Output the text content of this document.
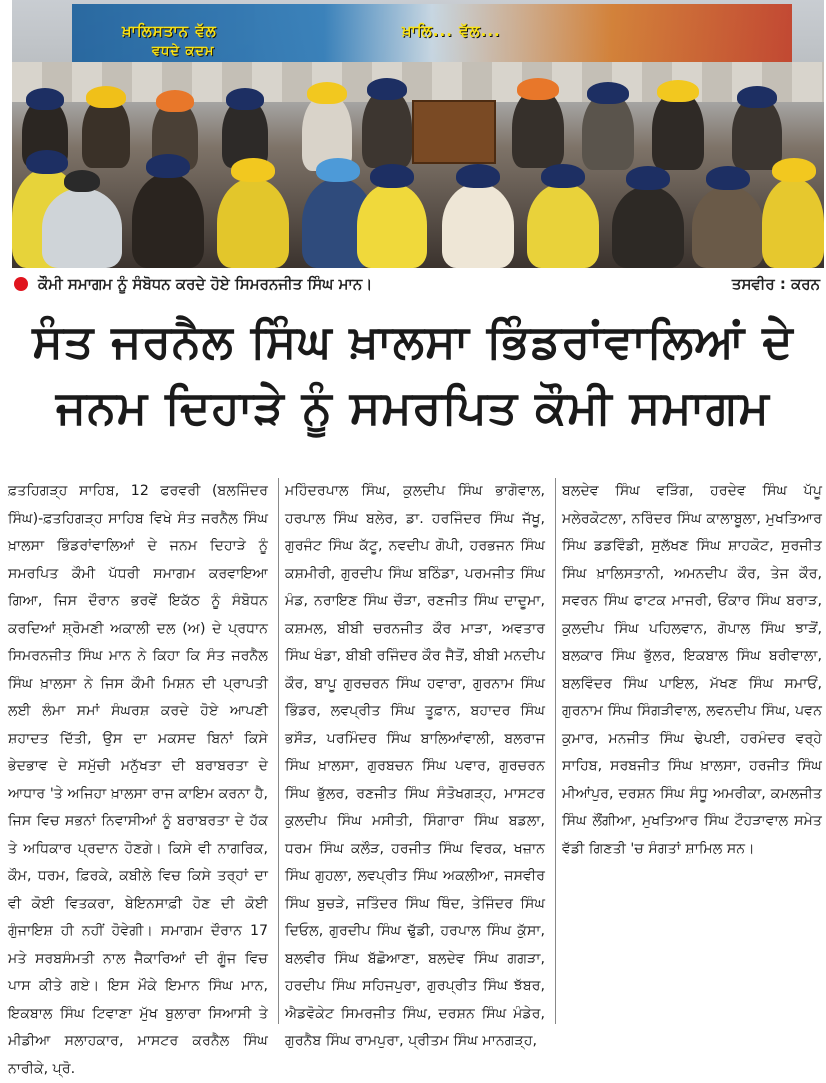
ਖ਼ਾਲਿਸਤਾਨ ਵੱਲ
ਵਧਦੇ ਕਦਮ
ਖ਼ਾਲਿ... ਵੱਲ...
ਕੌਮੀ ਸਮਾਗਮ ਨੂੰ ਸੰਬੋਧਨ ਕਰਦੇ ਹੋਏ ਸਿਮਰਨਜੀਤ ਸਿੰਘ ਮਾਨ।	ਤਸਵੀਰ : ਕਰਨ
ਸੰਤ ਜਰਨੈਲ ਸਿੰਘ ਖ਼ਾਲਸਾ ਭਿੰਡਰਾਂਵਾਲਿਆਂ ਦੇ
ਜਨਮ ਦਿਹਾੜੇ ਨੂੰ ਸਮਰਪਿਤ ਕੌਮੀ ਸਮਾਗਮ
ਫ਼ਤਹਿਗੜ੍ਹ ਸਾਹਿਬ, 12 ਫਰਵਰੀ (ਬਲਜਿੰਦਰ ਸਿੰਘ)-ਫ਼ਤਹਿਗੜ੍ਹ ਸਾਹਿਬ ਵਿਖੇ ਸੰਤ ਜਰਨੈਲ ਸਿੰਘ ਖ਼ਾਲਸਾ ਭਿੰਡਰਾਂਵਾਲਿਆਂ ਦੇ ਜਨਮ ਦਿਹਾੜੇ ਨੂੰ ਸਮਰਪਿਤ ਕੌਮੀ ਪੱਧਰੀ ਸਮਾਗਮ ਕਰਵਾਇਆ ਗਿਆ, ਜਿਸ ਦੌਰਾਨ ਭਰਵੇਂ ਇਕੱਠ ਨੂੰ ਸੰਬੋਧਨ ਕਰਦਿਆਂ ਸ਼੍ਰੋਮਣੀ ਅਕਾਲੀ ਦਲ (ਅ) ਦੇ ਪ੍ਰਧਾਨ ਸਿਮਰਨਜੀਤ ਸਿੰਘ ਮਾਨ ਨੇ ਕਿਹਾ ਕਿ ਸੰਤ ਜਰਨੈਲ ਸਿੰਘ ਖ਼ਾਲਸਾ ਨੇ ਜਿਸ ਕੌਮੀ ਮਿਸ਼ਨ ਦੀ ਪ੍ਰਾਪਤੀ ਲਈ ਲੰਮਾ ਸਮਾਂ ਸੰਘਰਸ਼ ਕਰਦੇ ਹੋਏ ਆਪਣੀ ਸ਼ਹਾਦਤ ਦਿੱਤੀ, ਉਸ ਦਾ ਮਕਸਦ ਬਿਨਾਂ ਕਿਸੇ ਭੇਦਭਾਵ ਦੇ ਸਮੁੱਚੀ ਮਨੁੱਖਤਾ ਦੀ ਬਰਾਬਰਤਾ ਦੇ ਆਧਾਰ 'ਤੇ ਅਜਿਹਾ ਖ਼ਾਲਸਾ ਰਾਜ ਕਾਇਮ ਕਰਨਾ ਹੈ, ਜਿਸ ਵਿਚ ਸਭਨਾਂ ਨਿਵਾਸੀਆਂ ਨੂੰ ਬਰਾਬਰਤਾ ਦੇ ਹੱਕ ਤੇ ਅਧਿਕਾਰ ਪ੍ਰਦਾਨ ਹੋਣਗੇ। ਕਿਸੇ ਵੀ ਨਾਗਰਿਕ, ਕੌਮ, ਧਰਮ, ਫ਼ਿਰਕੇ, ਕਬੀਲੇ ਵਿਚ ਕਿਸੇ ਤਰ੍ਹਾਂ ਦਾ ਵੀ ਕੋਈ ਵਿਤਕਰਾ, ਬੇਇਨਸਾਫ਼ੀ ਹੋਣ ਦੀ ਕੋਈ ਗੁੰਜਾਇਸ਼ ਹੀ ਨਹੀਂ ਹੋਵੇਗੀ। ਸਮਾਗਮ ਦੌਰਾਨ 17 ਮਤੇ ਸਰਬਸੰਮਤੀ ਨਾਲ ਜੈਕਾਰਿਆਂ ਦੀ ਗੂੰਜ ਵਿਚ ਪਾਸ ਕੀਤੇ ਗਏ। ਇਸ ਮੌਕੇ ਇਮਾਨ ਸਿੰਘ ਮਾਨ, ਇਕਬਾਲ ਸਿੰਘ ਟਿਵਾਣਾ ਮੁੱਖ ਬੁਲਾਰਾ ਸਿਆਸੀ ਤੇ ਮੀਡੀਆ ਸਲਾਹਕਾਰ, ਮਾਸਟਰ ਕਰਨੈਲ ਸਿੰਘ ਨਾਰੀਕੇ, ਪ੍ਰੋ.
ਮਹਿੰਦਰਪਾਲ ਸਿੰਘ, ਕੁਲਦੀਪ ਸਿੰਘ ਭਾਗੋਵਾਲ, ਹਰਪਾਲ ਸਿੰਘ ਬਲੇਰ, ਡਾ. ਹਰਜਿੰਦਰ ਸਿੰਘ ਜੱਖੂ, ਗੁਰਜੰਟ ਸਿੰਘ ਕੱਟੂ, ਨਵਦੀਪ ਗੋਪੀ, ਹਰਭਜਨ ਸਿੰਘ ਕਸ਼ਮੀਰੀ, ਗੁਰਦੀਪ ਸਿੰਘ ਬਠਿੰਡਾ, ਪਰਮਜੀਤ ਸਿੰਘ ਮੰਡ, ਨਰਾਇਣ ਸਿੰਘ ਚੌੜਾ, ਰਣਜੀਤ ਸਿੰਘ ਦਾਦੂਮਾ, ਕਸ਼ਮਲ, ਬੀਬੀ ਚਰਨਜੀਤ ਕੌਰ ਮਾੜਾ, ਅਵਤਾਰ ਸਿੰਘ ਖੰਡਾ, ਬੀਬੀ ਰਜਿੰਦਰ ਕੌਰ ਜੈਤੋਂ, ਬੀਬੀ ਮਨਦੀਪ ਕੌਰ, ਬਾਪੂ ਗੁਰਚਰਨ ਸਿੰਘ ਹਵਾਰਾ, ਗੁਰਨਾਮ ਸਿੰਘ ਭਿੰਡਰ, ਲਵਪ੍ਰੀਤ ਸਿੰਘ ਤੂਫ਼ਾਨ, ਬਹਾਦਰ ਸਿੰਘ ਭਸੌੜ, ਪਰਮਿੰਦਰ ਸਿੰਘ ਬਾਲਿਆਂਵਾਲੀ, ਬਲਰਾਜ ਸਿੰਘ ਖ਼ਾਲਸਾ, ਗੁਰਬਚਨ ਸਿੰਘ ਪਵਾਰ, ਗੁਰਚਰਨ ਸਿੰਘ ਭੁੱਲਰ, ਰਣਜੀਤ ਸਿੰਘ ਸੰਤੋਖਗੜ੍ਹ, ਮਾਸਟਰ ਕੁਲਦੀਪ ਸਿੰਘ ਮਸੀਤੀ, ਸਿੰਗਾਰਾ ਸਿੰਘ ਬਡਲਾ, ਧਰਮ ਸਿੰਘ ਕਲੌੜ, ਹਰਜੀਤ ਸਿੰਘ ਵਿਰਕ, ਖਜ਼ਾਨ ਸਿੰਘ ਗੁਹਲਾ, ਲਵਪ੍ਰੀਤ ਸਿੰਘ ਅਕਲੀਆ, ਜਸਵੀਰ ਸਿੰਘ ਬੁਚੜੇ, ਜਤਿੰਦਰ ਸਿੰਘ ਥਿੰਦ, ਤੇਜਿੰਦਰ ਸਿੰਘ ਦਿਓਲ, ਗੁਰਦੀਪ ਸਿੰਘ ਢੁੱਡੀ, ਹਰਪਾਲ ਸਿੰਘ ਕੁੱਸਾ, ਬਲਵੀਰ ਸਿੰਘ ਬੱਛੋਆਣਾ, ਬਲਦੇਵ ਸਿੰਘ ਗਗੜਾ, ਹਰਦੀਪ ਸਿੰਘ ਸਹਿਜਪੁਰਾ, ਗੁਰਪ੍ਰੀਤ ਸਿੰਘ ਝੱਬਰ, ਐਡਵੋਕੇਟ ਸਿਮਰਜੀਤ ਸਿੰਘ, ਦਰਸ਼ਨ ਸਿੰਘ ਮੰਡੇਰ, ਗੁਰਨੈਬ ਸਿੰਘ ਰਾਮਪੁਰਾ, ਪ੍ਰੀਤਮ ਸਿੰਘ ਮਾਨਗੜ੍ਹ,
ਬਲਦੇਵ ਸਿੰਘ ਵੜਿੰਗ, ਹਰਦੇਵ ਸਿੰਘ ਪੱਪੂ ਮਲੇਰਕੋਟਲਾ, ਨਰਿੰਦਰ ਸਿੰਘ ਕਾਲਾਬੂਲਾ, ਮੁਖਤਿਆਰ ਸਿੰਘ ਡਡਵਿੰਡੀ, ਸੁਲੱਖਣ ਸਿੰਘ ਸ਼ਾਹਕੋਟ, ਸੁਰਜੀਤ ਸਿੰਘ ਖ਼ਾਲਿਸਤਾਨੀ, ਅਮਨਦੀਪ ਕੌਰ, ਤੇਜ ਕੌਰ, ਸਵਰਨ ਸਿੰਘ ਫਾਟਕ ਮਾਜਰੀ, ਓਂਕਾਰ ਸਿੰਘ ਬਰਾੜ, ਕੁਲਦੀਪ ਸਿੰਘ ਪਹਿਲਵਾਨ, ਗੋਪਾਲ ਸਿੰਘ ਝਾੜੋਂ, ਬਲਕਾਰ ਸਿੰਘ ਭੁੱਲਰ, ਇਕਬਾਲ ਸਿੰਘ ਬਰੀਵਾਲਾ, ਬਲਵਿੰਦਰ ਸਿੰਘ ਪਾਇਲ, ਮੱਖਣ ਸਿੰਘ ਸਮਾਓਂ, ਗੁਰਨਾਮ ਸਿੰਘ ਸਿੰਗੜੀਵਾਲ, ਲਵਨਦੀਪ ਸਿੰਘ, ਪਵਨ ਕੁਮਾਰ, ਮਨਜੀਤ ਸਿੰਘ ਢੇਪਈ, ਹਰਮੰਦਰ ਵਰ੍ਹੇ ਸਾਹਿਬ, ਸਰਬਜੀਤ ਸਿੰਘ ਖ਼ਾਲਸਾ, ਹਰਜੀਤ ਸਿੰਘ ਮੀਆਂਪੁਰ, ਦਰਸ਼ਨ ਸਿੰਘ ਸੰਧੂ ਅਮਰੀਕਾ, ਕਮਲਜੀਤ ਸਿੰਘ ਲੌਂਗੀਆ, ਮੁਖਤਿਆਰ ਸਿੰਘ ਟੌਹੜਾਵਾਲ ਸਮੇਤ ਵੱਡੀ ਗਿਣਤੀ 'ਚ ਸੰਗਤਾਂ ਸ਼ਾਮਿਲ ਸਨ।
